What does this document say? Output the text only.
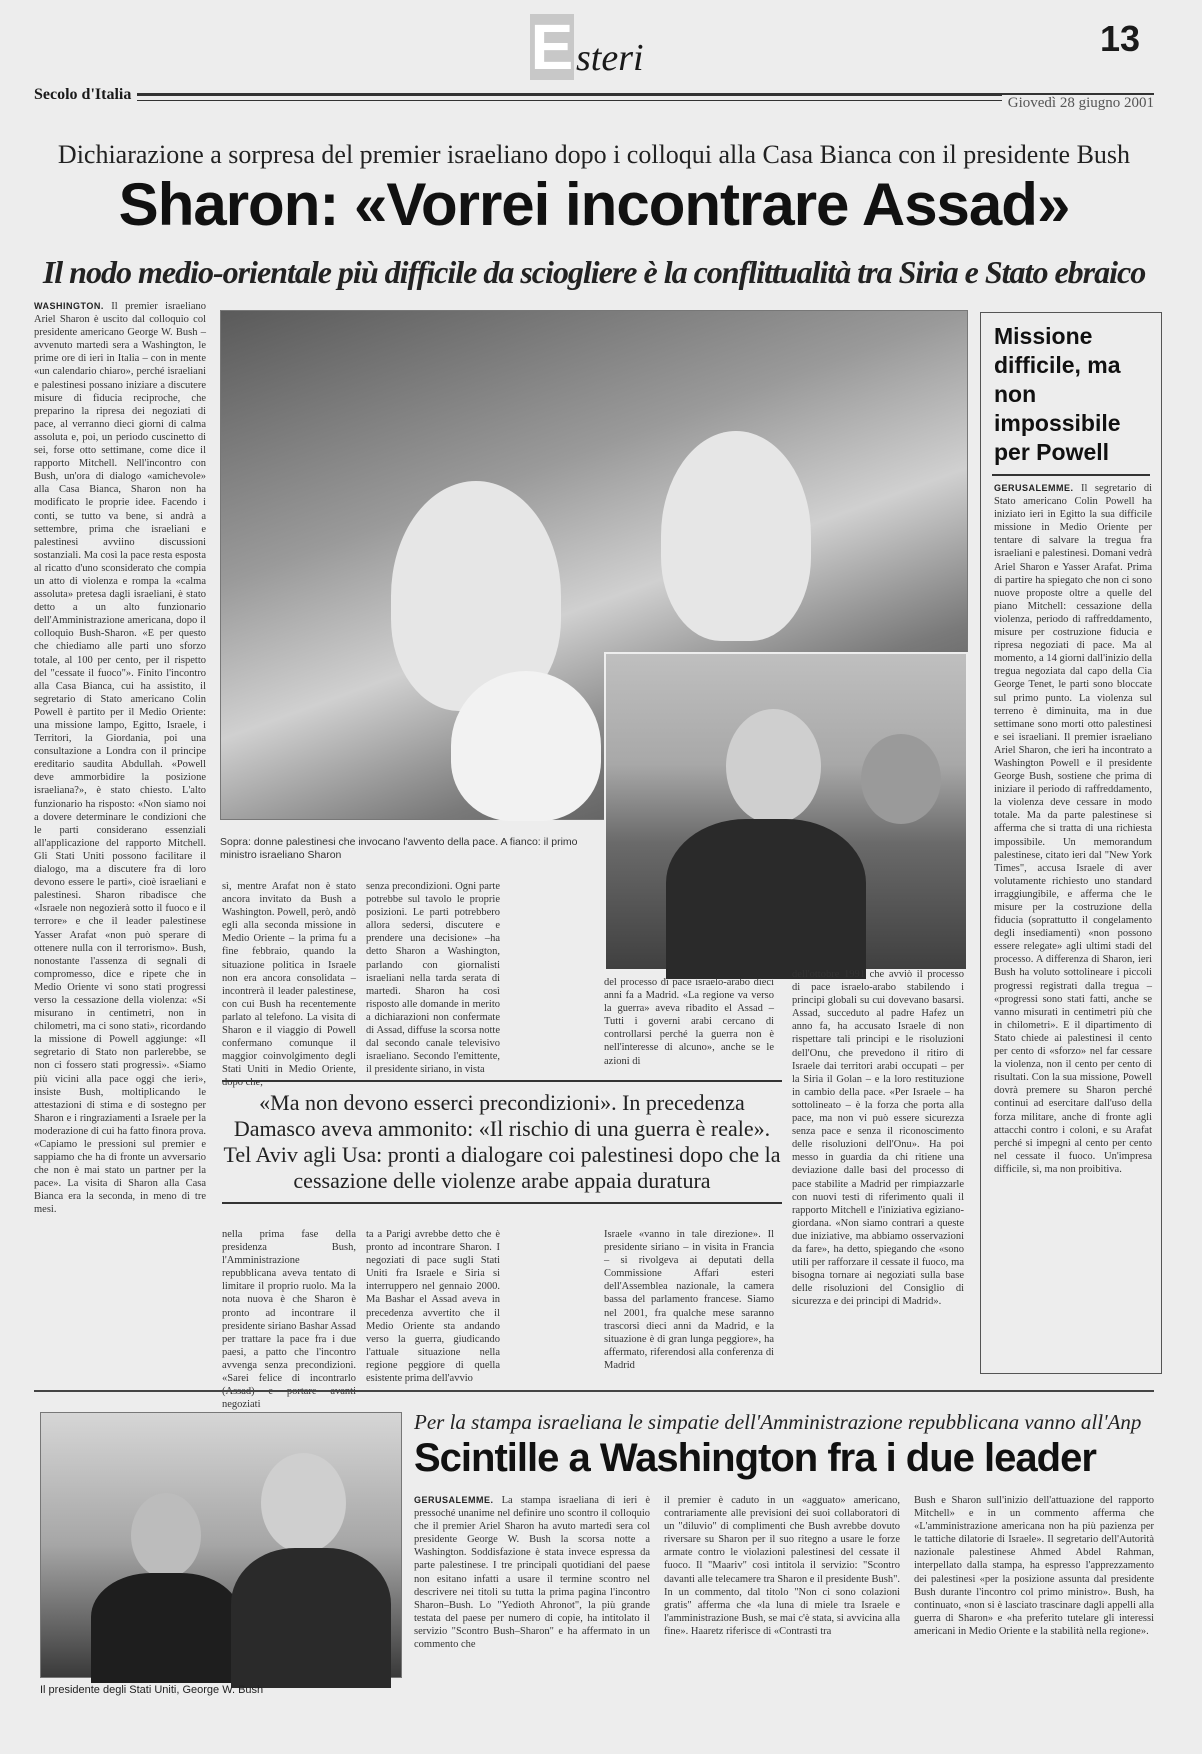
E steri	13
Secolo d'Italia	Giovedì 28 giugno 2001
Dichiarazione a sorpresa del premier israeliano dopo i colloqui alla Casa Bianca con il presidente Bush
Sharon: «Vorrei incontrare Assad»
Il nodo medio-orientale più difficile da sciogliere è la conflittualità tra Siria e Stato ebraico
WASHINGTON. Il premier israeliano Ariel Sharon è uscito dal colloquio col presidente americano George W. Bush – avvenuto martedì sera a Washington, le prime ore di ieri in Italia – con in mente «un calendario chiaro», perché israeliani e palestinesi possano iniziare a discutere misure di fiducia reciproche, che preparino la ripresa dei negoziati di pace, al verranno dieci giorni di calma assoluta e, poi, un periodo cuscinetto di sei, forse otto settimane, come dice il rapporto Mitchell. Nell'incontro con Bush, un'ora di dialogo «amichevole» alla Casa Bianca, Sharon non ha modificato le proprie idee. Facendo i conti, se tutto va bene, si andrà a settembre, prima che israeliani e palestinesi avviino discussioni sostanziali. Ma così la pace resta esposta al ricatto d'uno sconsiderato che compia un atto di violenza e rompa la «calma assoluta» pretesa dagli israeliani, è stato detto a un alto funzionario dell'Amministrazione americana, dopo il colloquio Bush-Sharon. «E per questo che chiediamo alle parti uno sforzo totale, al 100 per cento, per il rispetto del "cessate il fuoco"». Finito l'incontro alla Casa Bianca, cui ha assistito, il segretario di Stato americano Colin Powell è partito per il Medio Oriente: una missione lampo, Egitto, Israele, i Territori, la Giordania, poi una consultazione a Londra con il principe ereditario saudita Abdullah. «Powell deve ammorbidire la posizione israeliana?», è stato chiesto. L'alto funzionario ha risposto: «Non siamo noi a dovere determinare le condizioni che le parti considerano essenziali all'applicazione del rapporto Mitchell. Gli Stati Uniti possono facilitare il dialogo, ma a discutere fra di loro devono essere le parti», cioè israeliani e palestinesi. Sharon ribadisce che «Israele non negozierà sotto il fuoco e il terrore» e che il leader palestinese Yasser Arafat «non può sperare di ottenere nulla con il terrorismo». Bush, nonostante l'assenza di segnali di compromesso, dice e ripete che in Medio Oriente vi sono stati progressi verso la cessazione della violenza: «Si misurano in centimetri, non in chilometri, ma ci sono stati», ricordando la missione di Powell aggiunge: «Il segretario di Stato non parlerebbe, se non ci fossero stati progressi». «Siamo più vicini alla pace oggi che ieri», insiste Bush, moltiplicando le attestazioni di stima e di sostegno per Sharon e i ringraziamenti a Israele per la moderazione di cui ha fatto finora prova. «Capiamo le pressioni sul premier e sappiamo che ha di fronte un avversario che non è mai stato un partner per la pace». La visita di Sharon alla Casa Bianca era la seconda, in meno di tre mesi.
Sopra: donne palestinesi che invocano l'avvento della pace. A fianco: il primo ministro israeliano Sharon
sì, mentre Arafat non è stato ancora invitato da Bush a Washington. Powell, però, andò egli alla seconda missione in Medio Oriente – la prima fu a fine febbraio, quando la situazione politica in Israele non era ancora consolidata – incontrerà il leader palestinese, con cui Bush ha recentemente parlato al telefono. La visita di Sharon e il viaggio di Powell confermano comunque il maggior coinvolgimento degli Stati Uniti in Medio Oriente, dopo che,
senza precondizioni. Ogni parte potrebbe sul tavolo le proprie posizioni. Le parti potrebbero allora sedersi, discutere e prendere una decisione» –ha detto Sharon a Washington, parlando con giornalisti israeliani nella tarda serata di martedì. Sharon ha così risposto alle domande in merito a dichiarazioni non confermate di Assad, diffuse la scorsa notte dal secondo canale televisivo israeliano. Secondo l'emittente, il presidente siriano, in vista
del processo di pace israelo-arabo dieci anni fa a Madrid. «La regione va verso la guerra» aveva ribadito el Assad – Tutti i governi arabi cercano di controllarsi perché la guerra non è nell'interesse di alcuno», anche se le azioni di
dell'ottobre 1991 che avviò il processo di pace israelo-arabo stabilendo i principi globali su cui dovevano basarsi. Assad, succeduto al padre Hafez un anno fa, ha accusato Israele di non rispettare tali principi e le risoluzioni dell'Onu, che prevedono il ritiro di Israele dai territori arabi occupati – per la Siria il Golan – e la loro restituzione in cambio della pace. «Per Israele – ha sottolineato – è la forza che porta alla pace, ma non vi può essere sicurezza senza pace e senza il riconoscimento delle risoluzioni dell'Onu». Ha poi messo in guardia da chi ritiene una deviazione dalle basi del processo di pace stabilite a Madrid per rimpiazzarle con nuovi testi di riferimento quali il rapporto Mitchell e l'iniziativa egiziano-giordana. «Non siamo contrari a queste due iniziative, ma abbiamo osservazioni da fare», ha detto, spiegando che «sono utili per rafforzare il cessate il fuoco, ma bisogna tornare ai negoziati sulla base delle risoluzioni del Consiglio di sicurezza e dei principi di Madrid».
«Ma non devono esserci precondizioni». In precedenza Damasco aveva ammonito: «Il rischio di una guerra è reale». Tel Aviv agli Usa: pronti a dialogare coi palestinesi dopo che la cessazione delle violenze arabe appaia duratura
nella prima fase della presidenza Bush, l'Amministrazione repubblicana aveva tentato di limitare il proprio ruolo. Ma la nota nuova è che Sharon è pronto ad incontrare il presidente siriano Bashar Assad per trattare la pace fra i due paesi, a patto che l'incontro avvenga senza precondizioni. «Sarei felice di incontrarlo negoziati
ta a Parigi avrebbe detto che è pronto ad incontrare Sharon. I negoziati di pace sugli Stati Uniti fra Israele e Siria si interruppero nel gennaio 2000. Ma Bashar el Assad aveva in precedenza avvertito che il Medio Oriente sta andando verso la guerra, giudicando l'attuale situazione nella regione peggiore di quella esistente prima dell'avvio
Israele «vanno in tale direzione». Il presidente siriano – in visita in Francia – si rivolgeva ai deputati della Commissione Affari esteri dell'Assemblea nazionale, la camera bassa del parlamento francese. Siamo nel 2001, fra qualche mese saranno trascorsi dieci anni da Madrid, e la situazione è di gran lunga peggiore», ha affermato, riferendosi alla conferenza di Madrid
Missione difficile, ma non impossibile per Powell
GERUSALEMME. Il segretario di Stato americano Colin Powell ha iniziato ieri in Egitto la sua difficile missione in Medio Oriente per tentare di salvare la tregua fra israeliani e palestinesi. Domani vedrà Ariel Sharon e Yasser Arafat. Prima di partire ha spiegato che non ci sono nuove proposte oltre a quelle del piano Mitchell: cessazione della violenza, periodo di raffreddamento, misure per costruzione fiducia e ripresa negoziati di pace. Ma al momento, a 14 giorni dall'inizio della tregua negoziata dal capo della Cia George Tenet, le parti sono bloccate sul primo punto. La violenza sul terreno è diminuita, ma in due settimane sono morti otto palestinesi e sei israeliani. Il premier israeliano Ariel Sharon, che ieri ha incontrato a Washington Powell e il presidente George Bush, sostiene che prima di iniziare il periodo di raffreddamento, la violenza deve cessare in modo totale. Ma da parte palestinese si afferma che si tratta di una richiesta impossibile. Un memorandum palestinese, citato ieri dal "New York Times", accusa Israele di aver volutamente richiesto uno standard irraggiungibile, e afferma che le misure per la costruzione della fiducia (soprattutto il congelamento degli insediamenti) «non possono essere relegate» agli ultimi stadi del processo. A differenza di Sharon, ieri Bush ha voluto sottolineare i piccoli progressi registrati dalla tregua – «progressi sono stati fatti, anche se vanno misurati in centimetri più che in chilometri». E il dipartimento di Stato chiede ai palestinesi il cento per cento di «sforzo» nel far cessare la violenza, non il cento per cento di risultati. Con la sua missione, Powell dovrà premere su Sharon perché continui ad esercitare dall'uso della forza militare, anche di fronte agli attacchi contro i coloni, e su Arafat perché si impegni al cento per cento nel cessate il fuoco. Un'impresa difficile, sì, ma non proibitiva.
Il presidente degli Stati Uniti, George W. Bush
Per la stampa israeliana le simpatie dell'Amministrazione repubblicana vanno all'Anp
Scintille a Washington fra i due leader
GERUSALEMME. La stampa israeliana di ieri è pressoché unanime nel definire uno scontro il colloquio che il premier Ariel Sharon ha avuto martedì sera col presidente George W. Bush la scorsa notte a Washington. Soddisfazione è stata invece espressa da parte palestinese. I tre principali quotidiani del paese non esitano infatti a usare il termine scontro nel descrivere nei titoli su tutta la prima pagina l'incontro Sharon–Bush. Lo "Yedioth Ahronot", la più grande testata del paese per numero di copie, ha intitolato il servizio "Scontro Bush–Sharon" e ha affermato in un commento che
il premier è caduto in un «agguato» americano, contrariamente alle previsioni dei suoi collaboratori di un "diluvio" di complimenti che Bush avrebbe dovuto riversare su Sharon per il suo ritegno a usare le forze armate contro le violazioni palestinesi del cessate il fuoco. Il "Maariv" così intitola il servizio: "Scontro davanti alle telecamere tra Sharon e il presidente Bush". In un commento, dal titolo "Non ci sono colazioni gratis" afferma che «la luna di miele tra Israele e l'amministrazione Bush, se mai c'è stata, si avvicina alla fine». Haaretz riferisce di «Contrasti tra
Bush e Sharon sull'inizio dell'attuazione del rapporto Mitchell» e in un commento afferma che «L'amministrazione americana non ha più pazienza per le tattiche dilatorie di Israele». Il segretario dell'Autorità nazionale palestinese Ahmed Abdel Rahman, interpellato dalla stampa, ha espresso l'apprezzamento dei palestinesi «per la posizione assunta dal presidente Bush durante l'incontro col primo ministro». Bush, ha continuato, «non si è lasciato trascinare dagli appelli alla guerra di Sharon» e «ha preferito tutelare gli interessi americani in Medio Oriente e la stabilità nella regione».
